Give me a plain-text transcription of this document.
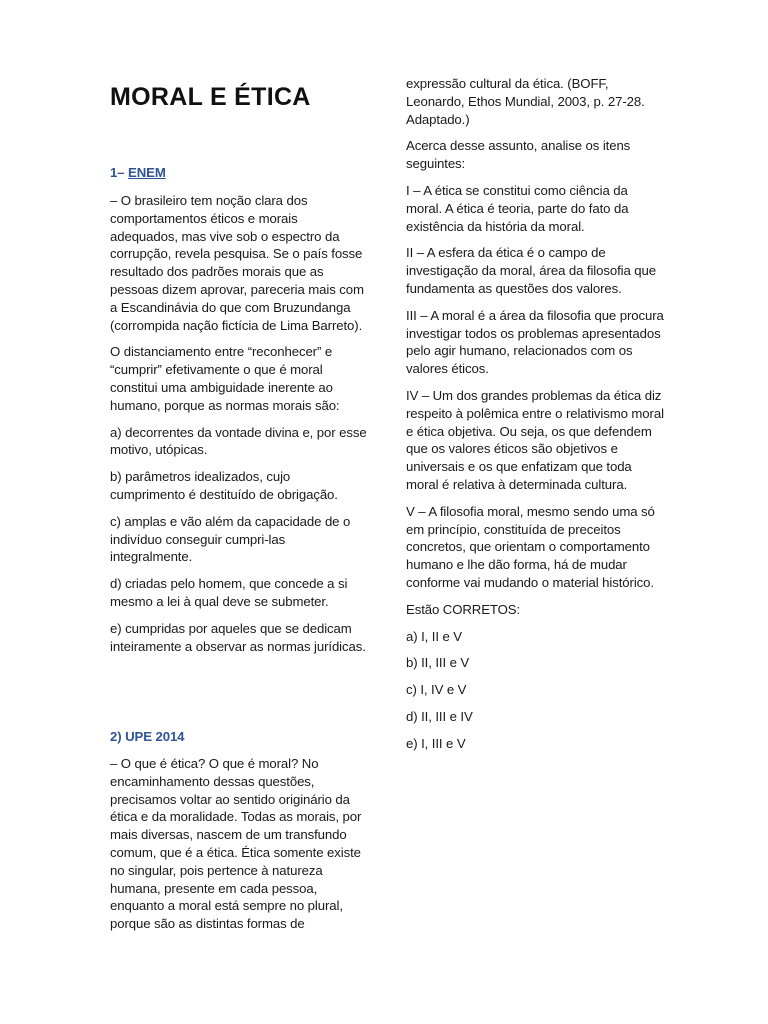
MORAL E ÉTICA
1– ENEM

– O brasileiro tem noção clara dos comportamentos éticos e morais adequados, mas vive sob o espectro da corrupção, revela pesquisa. Se o país fosse resultado dos padrões morais que as pessoas dizem aprovar, pareceria mais com a Escandinávia do que com Bruzundanga (corrompida nação fictícia de Lima Barreto).

O distanciamento entre “reconhecer” e “cumprir” efetivamente o que é moral constitui uma ambiguidade inerente ao humano, porque as normas morais são:

a) decorrentes da vontade divina e, por esse motivo, utópicas.

b) parâmetros idealizados, cujo cumprimento é destituído de obrigação.

c) amplas e vão além da capacidade de o indivíduo conseguir cumpri-las integralmente.

d) criadas pelo homem, que concede a si mesmo a lei à qual deve se submeter.

e) cumpridas por aqueles que se dedicam inteiramente a observar as normas jurídicas.

2) UPE 2014

– O que é ética? O que é moral? No encaminhamento dessas questões, precisamos voltar ao sentido originário da ética e da moralidade. Todas as morais, por mais diversas, nascem de um transfundo comum, que é a ética. Ética somente existe no singular, pois pertence à natureza humana, presente em cada pessoa, enquanto a moral está sempre no plural, porque são as distintas formas de

expressão cultural da ética. (BOFF, Leonardo, Ethos Mundial, 2003, p. 27-28. Adaptado.)

Acerca desse assunto, analise os itens seguintes:

I – A ética se constitui como ciência da moral. A ética é teoria, parte do fato da existência da história da moral.

II – A esfera da ética é o campo de investigação da moral, área da filosofia que fundamenta as questões dos valores.

III – A moral é a área da filosofia que procura investigar todos os problemas apresentados pelo agir humano, relacionados com os valores éticos.

IV – Um dos grandes problemas da ética diz respeito à polêmica entre o relativismo moral e ética objetiva. Ou seja, os que defendem que os valores éticos são objetivos e universais e os que enfatizam que toda moral é relativa à determinada cultura.

V – A filosofia moral, mesmo sendo uma só em princípio, constituída de preceitos concretos, que orientam o comportamento humano e lhe dão forma, há de mudar conforme vai mudando o material histórico.

Estão CORRETOS:

a) I, II e V

b) II, III e V

c) I, IV e V

d) II, III e IV

e) I, III e V
